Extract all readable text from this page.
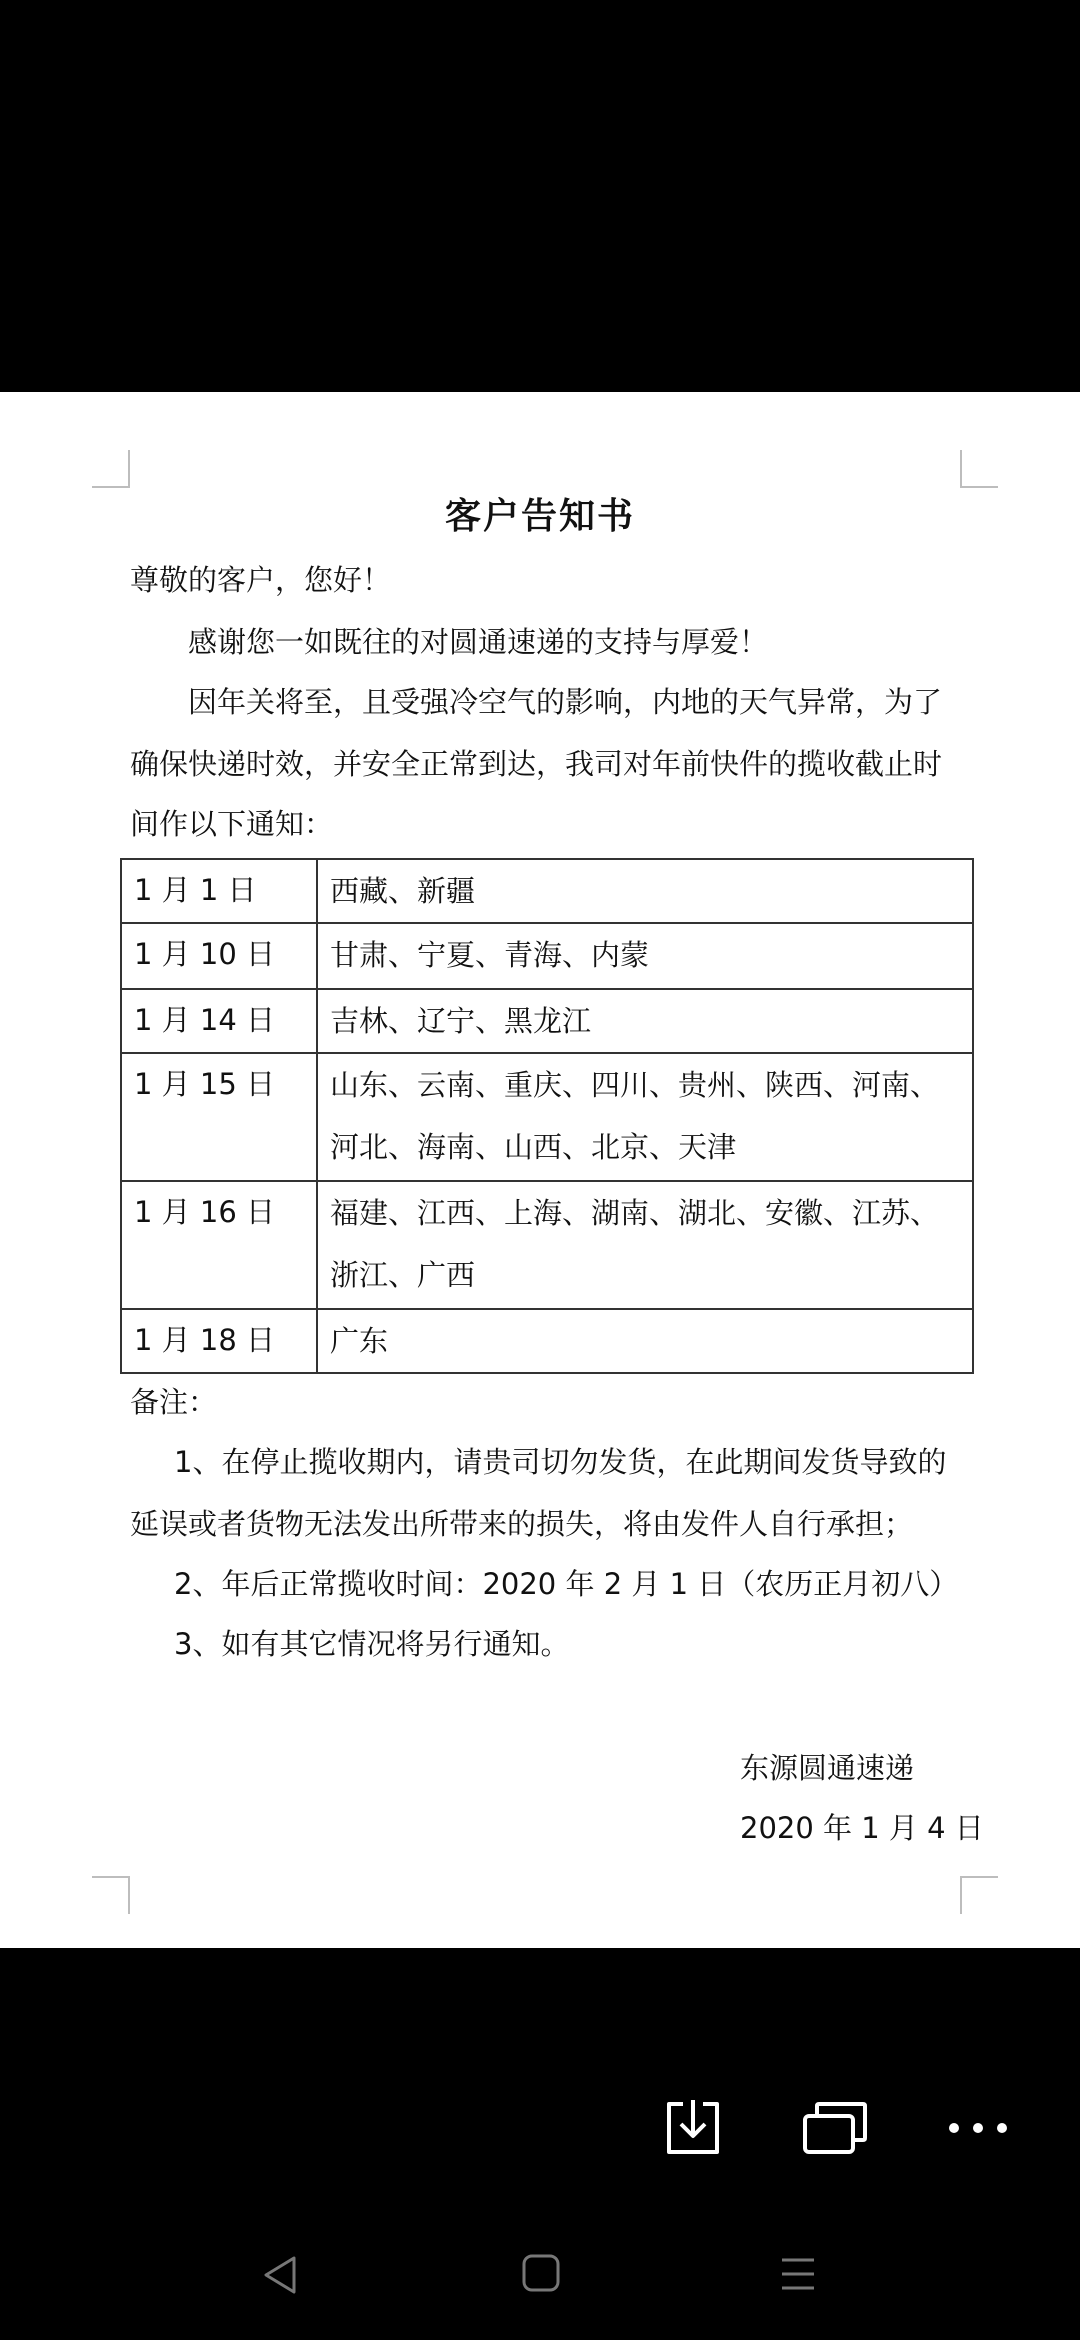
客户告知书
尊敬的客户，您好！
感谢您一如既往的对圆通速递的支持与厚爱！
因年关将至，且受强冷空气的影响，内地的天气异常，为了
确保快递时效，并安全正常到达，我司对年前快件的揽收截止时
间作以下通知：
1 月 1 日	西藏、新疆
1 月 10 日	甘肃、宁夏、青海、内蒙
1 月 14 日	吉林、辽宁、黑龙江
1 月 15 日	山东、云南、重庆、四川、贵州、陕西、河南、
河北、海南、山西、北京、天津
1 月 16 日	福建、江西、上海、湖南、湖北、安徽、江苏、
浙江、广西
1 月 18 日	广东
备注：
1、在停止揽收期内，请贵司切勿发货，在此期间发货导致的
延误或者货物无法发出所带来的损失，将由发件人自行承担；
2、年后正常揽收时间：2020 年 2 月 1 日（农历正月初八）
3、如有其它情况将另行通知。
东源圆通速递
2020 年 1 月 4 日
